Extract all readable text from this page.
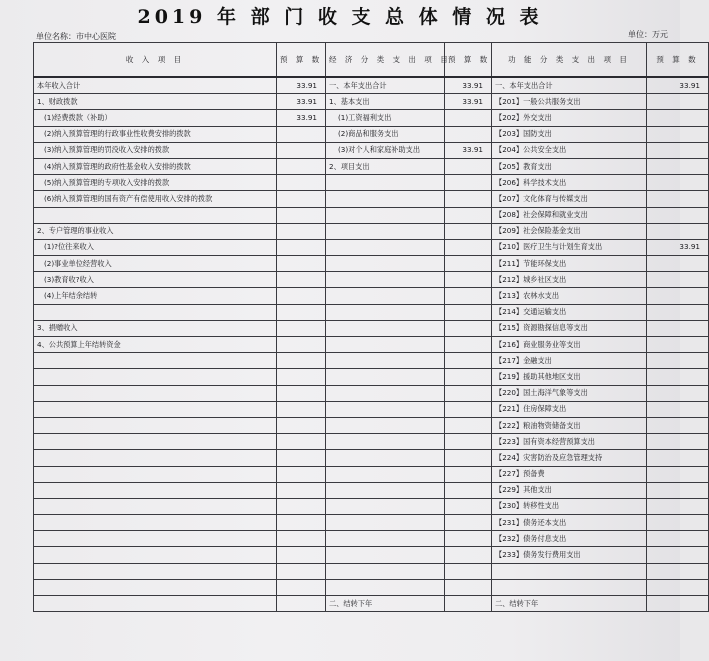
2019 年 部 门 收 支 总 体 情 况 表
单位名称：市中心医院	单位：万元
收 入 项 目	预 算 数	经 济 分 类 支 出 项 目	预 算 数	功 能 分 类 支 出 项 目	预 算 数
本年收入合计	33.91	一、本年支出合计	33.91	一、本年支出合计	33.91
1、财政拨款	33.91	1、基本支出	33.91	【201】一般公共服务支出	
(1)经费拨款（补助）	33.91	(1)工资福利支出		【202】外交支出	
(2)纳入预算管理的行政事业性收费安排的拨款		(2)商品和服务支出		【203】国防支出	
(3)纳入预算管理的罚没收入安排的拨款		(3)对个人和家庭补助支出	33.91	【204】公共安全支出	
(4)纳入预算管理的政府性基金收入安排的拨款		2、项目支出		【205】教育支出	
(5)纳入预算管理的专项收入安排的拨款				【206】科学技术支出	
(6)纳入预算管理的国有资产有偿使用收入安排的拨款				【207】文化体育与传媒支出	
				【208】社会保障和就业支出	
2、专户管理的事业收入				【209】社会保险基金支出	
(1)?位往来收入				【210】医疗卫生与计划生育支出	33.91
(2)事业单位经营收入				【211】节能环保支出	
(3)教育收?收入				【212】城乡社区支出	
(4)上年结余结转				【213】农林水支出	
				【214】交通运输支出	
3、捐赠收入				【215】资源勘探信息等支出	
4、公共预算上年结转资金				【216】商业服务业等支出	
				【217】金融支出	
				【219】援助其他地区支出	
				【220】国土海洋气象等支出	
				【221】住房保障支出	
				【222】粮油物资储备支出	
				【223】国有资本经营预算支出	
				【224】灾害防治及应急管理支持	
				【227】预备费	
				【229】其他支出	
				【230】转移性支出	
				【231】债务还本支出	
				【232】债务付息支出	
				【233】债务发行费用支出	

		二、结转下年		二、结转下年	
